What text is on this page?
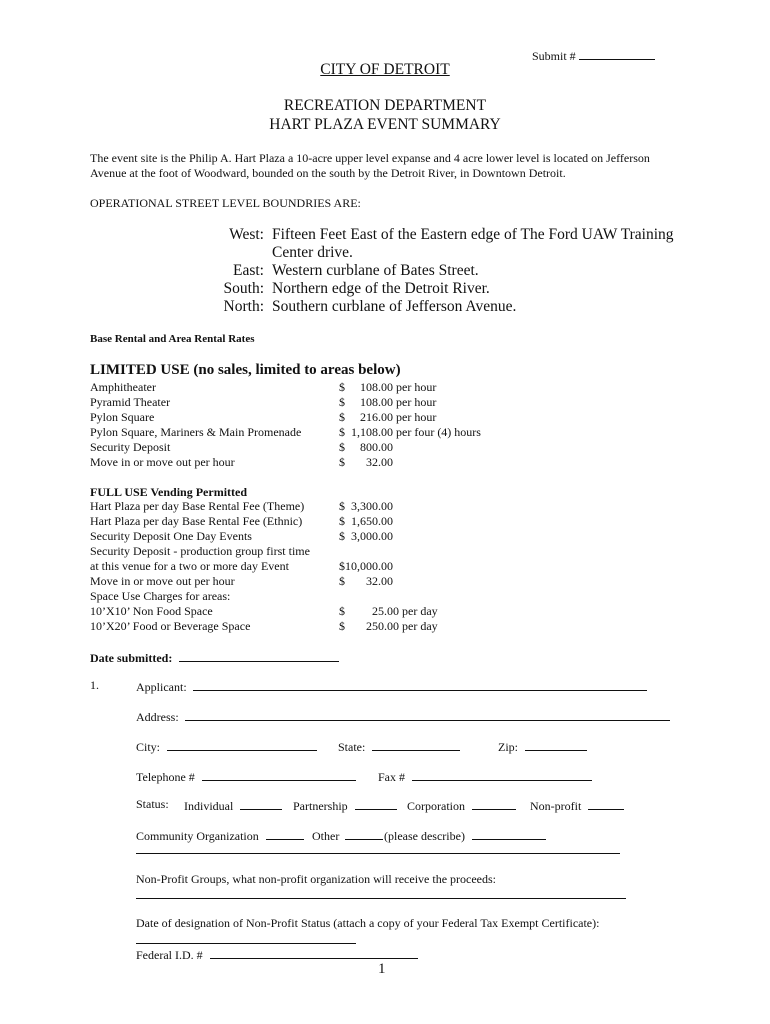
Submit #
CITY OF DETROIT
RECREATION DEPARTMENT
HART PLAZA EVENT SUMMARY
The event site is the Philip A. Hart Plaza a 10-acre upper level expanse and 4 acre lower level is located on Jefferson
Avenue at the foot of Woodward, bounded on the south by the Detroit River, in Downtown Detroit.
OPERATIONAL STREET LEVEL BOUNDRIES ARE:
West: Fifteen Feet East of the Eastern edge of The Ford UAW Training
Center drive.
East: Western curblane of Bates Street.
South: Northern edge of the Detroit River.
North: Southern curblane of Jefferson Avenue.
Base Rental and Area Rental Rates
LIMITED USE (no sales, limited to areas below)
Amphitheater	$     108.00 per hour
Pyramid Theater	$     108.00 per hour
Pylon Square	$     216.00 per hour
Pylon Square, Mariners & Main Promenade	$  1,108.00 per four (4) hours
Security Deposit	$     800.00
Move in or move out per hour	$       32.00
FULL USE Vending Permitted
Hart Plaza per day Base Rental Fee (Theme)	$  3,300.00
Hart Plaza per day Base Rental Fee (Ethnic)	$  1,650.00
Security Deposit One Day Events	$  3,000.00
Security Deposit - production group first time
at this venue for a two or more day Event	$10,000.00
Move in or move out per hour	$       32.00
Space Use Charges for areas:
10’X10’ Non Food Space	$         25.00 per day
10’X20’ Food or Beverage Space	$       250.00 per day
Date submitted:
1.	Applicant:
Address:
City:	State:	Zip:
Telephone #	Fax #
Status: Individual	Partnership	Corporation	Non-profit
Community Organization	Other	(please describe)
Non-Profit Groups, what non-profit organization will receive the proceeds:
Date of designation of Non-Profit Status (attach a copy of your Federal Tax Exempt Certificate):
Federal I.D. #
1
